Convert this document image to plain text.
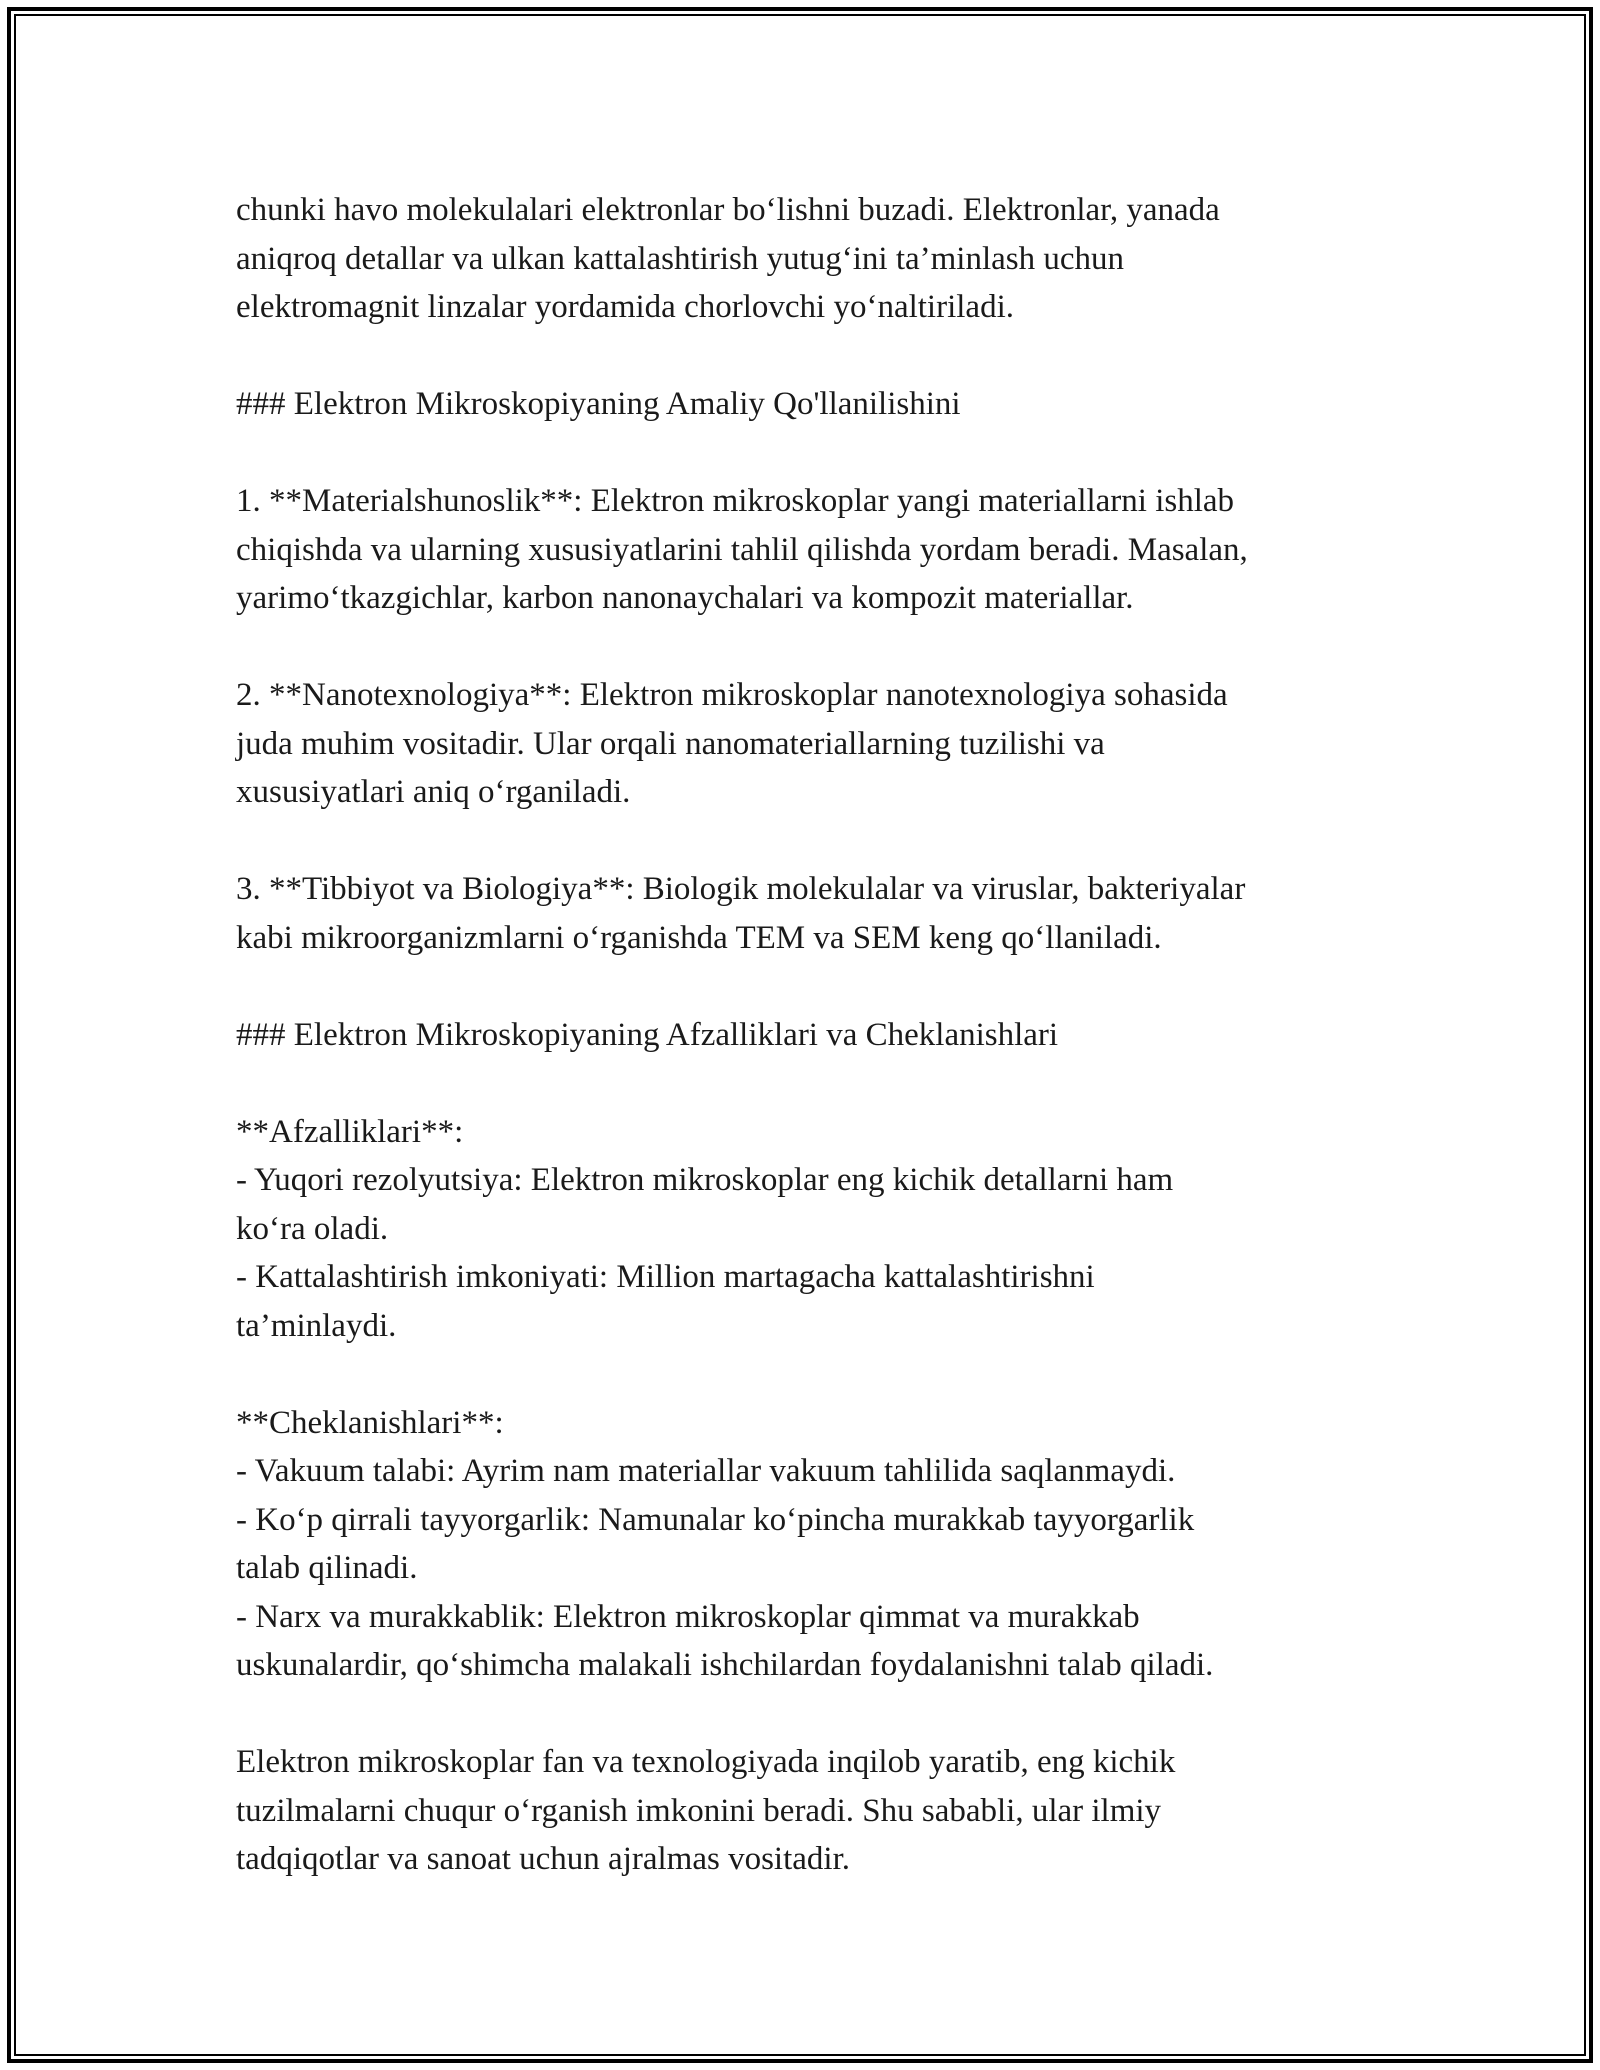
chunki havo molekulalari elektronlar bo‘lishni buzadi. Elektronlar, yanada

aniqroq detallar va ulkan kattalashtirish yutug‘ini ta’minlash uchun

elektromagnit linzalar yordamida chorlovchi yo‘naltiriladi.

### Elektron Mikroskopiyaning Amaliy Qo'llanilishini

1. **Materialshunoslik**: Elektron mikroskoplar yangi materiallarni ishlab

chiqishda va ularning xususiyatlarini tahlil qilishda yordam beradi. Masalan,

yarimo‘tkazgichlar, karbon nanonaychalari va kompozit materiallar.

2. **Nanotexnologiya**: Elektron mikroskoplar nanotexnologiya sohasida

juda muhim vositadir. Ular orqali nanomateriallarning tuzilishi va

xususiyatlari aniq o‘rganiladi.

3. **Tibbiyot va Biologiya**: Biologik molekulalar va viruslar, bakteriyalar

kabi mikroorganizmlarni o‘rganishda TEM va SEM keng qo‘llaniladi.

### Elektron Mikroskopiyaning Afzalliklari va Cheklanishlari

**Afzalliklari**:

- Yuqori rezolyutsiya: Elektron mikroskoplar eng kichik detallarni ham

ko‘ra oladi.

- Kattalashtirish imkoniyati: Million martagacha kattalashtirishni

ta’minlaydi.

**Cheklanishlari**:

- Vakuum talabi: Ayrim nam materiallar vakuum tahlilida saqlanmaydi.

- Ko‘p qirrali tayyorgarlik: Namunalar ko‘pincha murakkab tayyorgarlik

talab qilinadi.

- Narx va murakkablik: Elektron mikroskoplar qimmat va murakkab

uskunalardir, qo‘shimcha malakali ishchilardan foydalanishni talab qiladi.

Elektron mikroskoplar fan va texnologiyada inqilob yaratib, eng kichik

tuzilmalarni chuqur o‘rganish imkonini beradi. Shu sababli, ular ilmiy

tadqiqotlar va sanoat uchun ajralmas vositadir.
